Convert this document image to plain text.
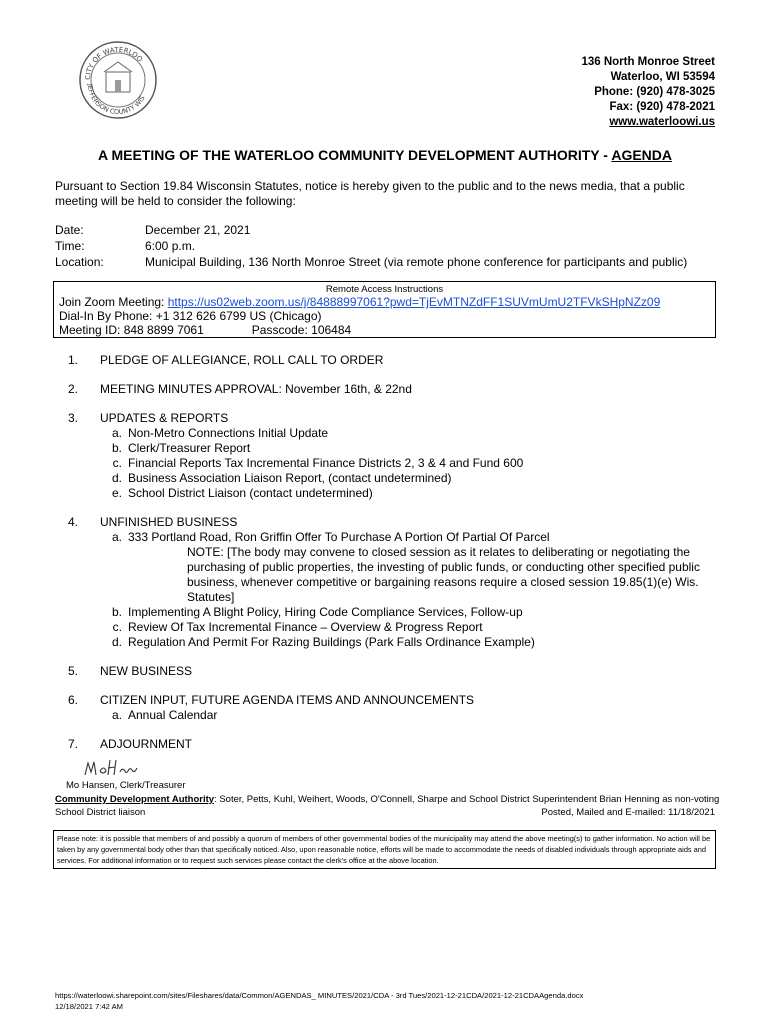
CITY OF WATERLOO
JEFFERSON COUNTY WIS
136 North Monroe Street
Waterloo, WI 53594
Phone: (920) 478-3025
Fax: (920) 478-2021
www.waterloowi.us
A MEETING OF THE WATERLOO COMMUNITY DEVELOPMENT AUTHORITY - AGENDA
Pursuant to Section 19.84 Wisconsin Statutes, notice is hereby given to the public and to the news media, that a public meeting will be held to consider the following:
Date:	December 21, 2021
Time:	6:00 p.m.
Location:	Municipal Building, 136 North Monroe Street (via remote phone conference for participants and public)
Remote Access Instructions
Join Zoom Meeting: https://us02web.zoom.us/j/84888997061?pwd=TjEvMTNZdFF1SUVmUmU2TFVkSHpNZz09
Dial-In By Phone: +1 312 626 6799 US (Chicago)
Meeting ID: 848 8899 7061	Passcode: 106484
1.	PLEDGE OF ALLEGIANCE, ROLL CALL TO ORDER
2.	MEETING MINUTES APPROVAL: November 16th, & 22nd
3.	UPDATES & REPORTS
a. Non-Metro Connections Initial Update
b. Clerk/Treasurer Report
c. Financial Reports Tax Incremental Finance Districts 2, 3 & 4 and Fund 600
d. Business Association Liaison Report, (contact undetermined)
e. School District Liaison (contact undetermined)
4.	UNFINISHED BUSINESS
a. 333 Portland Road, Ron Griffin Offer To Purchase A Portion Of Partial Of Parcel
NOTE: [The body may convene to closed session as it relates to deliberating or negotiating the purchasing of public properties, the investing of public funds, or conducting other specified public business, whenever competitive or bargaining reasons require a closed session 19.85(1)(e) Wis. Statutes]
b. Implementing A Blight Policy, Hiring Code Compliance Services, Follow-up
c. Review Of Tax Incremental Finance – Overview & Progress Report
d. Regulation And Permit For Razing Buildings (Park Falls Ordinance Example)
5.	NEW BUSINESS
6.	CITIZEN INPUT, FUTURE AGENDA ITEMS AND ANNOUNCEMENTS
a. Annual Calendar
7.	ADJOURNMENT
Mo Hansen, Clerk/Treasurer
Community Development Authority: Soter, Petts, Kuhl, Weihert, Woods, O'Connell, Sharpe and School District Superintendent Brian Henning as non-voting School District liaison	Posted, Mailed and E-mailed: 11/18/2021
Please note: it is possible that members of and possibly a quorum of members of other governmental bodies of the municipality may attend the above meeting(s) to gather information. No action will be taken by any governmental body other than that specifically noticed. Also, upon reasonable notice, efforts will be made to accommodate the needs of disabled individuals through appropriate aids and services. For additional information or to request such services please contact the clerk's office at the above location.
https://waterloowi.sharepoint.com/sites/Fileshares/data/Common/AGENDAS_ MINUTES/2021/CDA - 3rd Tues/2021-12-21CDA/2021-12-21CDAAgenda.docx
12/18/2021 7:42 AM
